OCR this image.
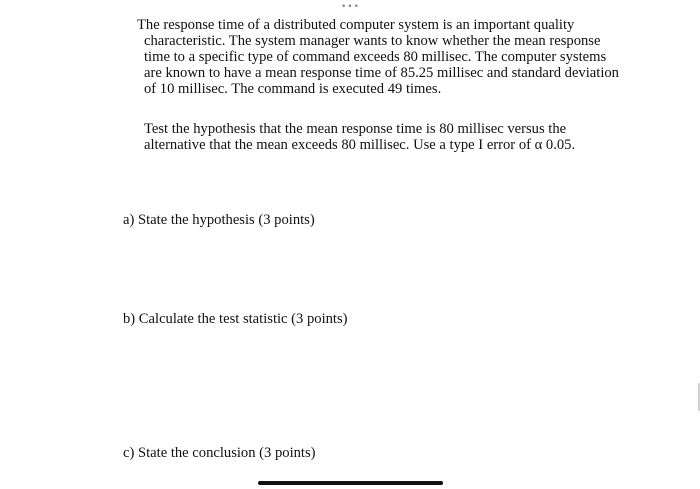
•••
The response time of a distributed computer system is an important quality
characteristic. The system manager wants to know whether the mean response
time to a specific type of command exceeds 80 millisec. The computer systems
are known to have a mean response time of 85.25 millisec and standard deviation
of 10 millisec. The command is executed 49 times.
Test the hypothesis that the mean response time is 80 millisec versus the
alternative that the mean exceeds 80 millisec. Use a type I error of α 0.05.
a) State the hypothesis (3 points)
b) Calculate the test statistic (3 points)
c) State the conclusion (3 points)
